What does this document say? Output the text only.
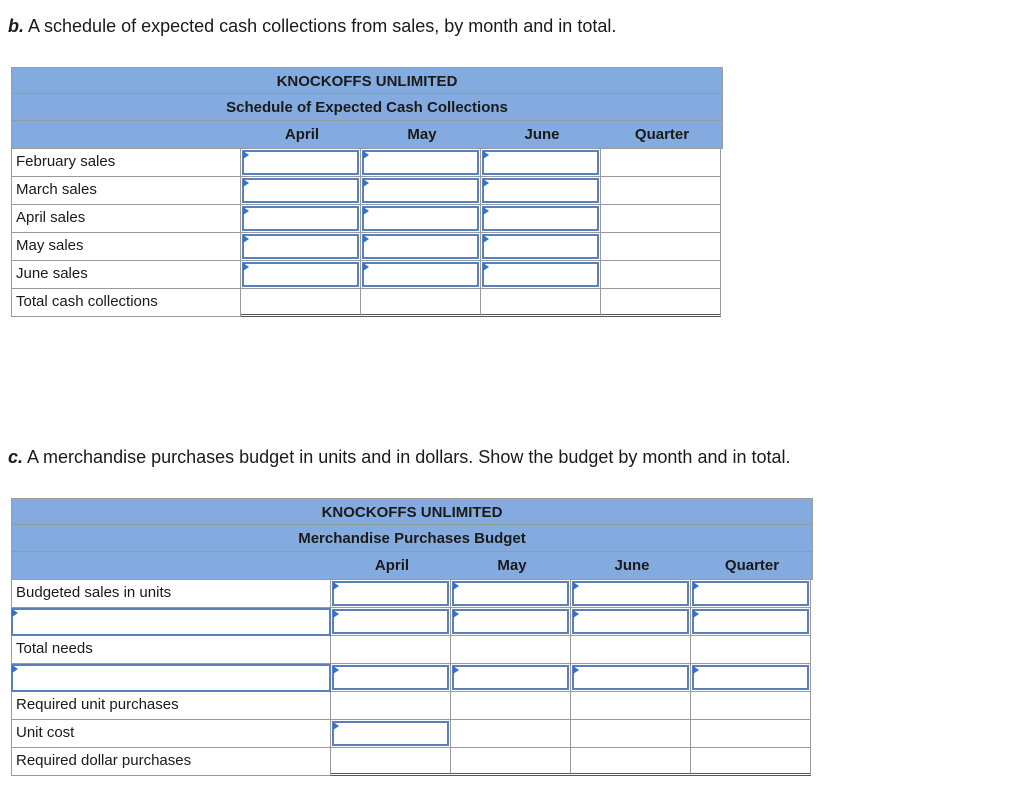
b. A schedule of expected cash collections from sales, by month and in total.
KNOCKOFFS UNLIMITED
Schedule of Expected Cash Collections
April	May	June	Quarter
February sales
March sales
April sales
May sales
June sales
Total cash collections
c. A merchandise purchases budget in units and in dollars. Show the budget by month and in total.
KNOCKOFFS UNLIMITED
Merchandise Purchases Budget
April	May	June	Quarter
Budgeted sales in units
Total needs
Required unit purchases
Unit cost
Required dollar purchases
